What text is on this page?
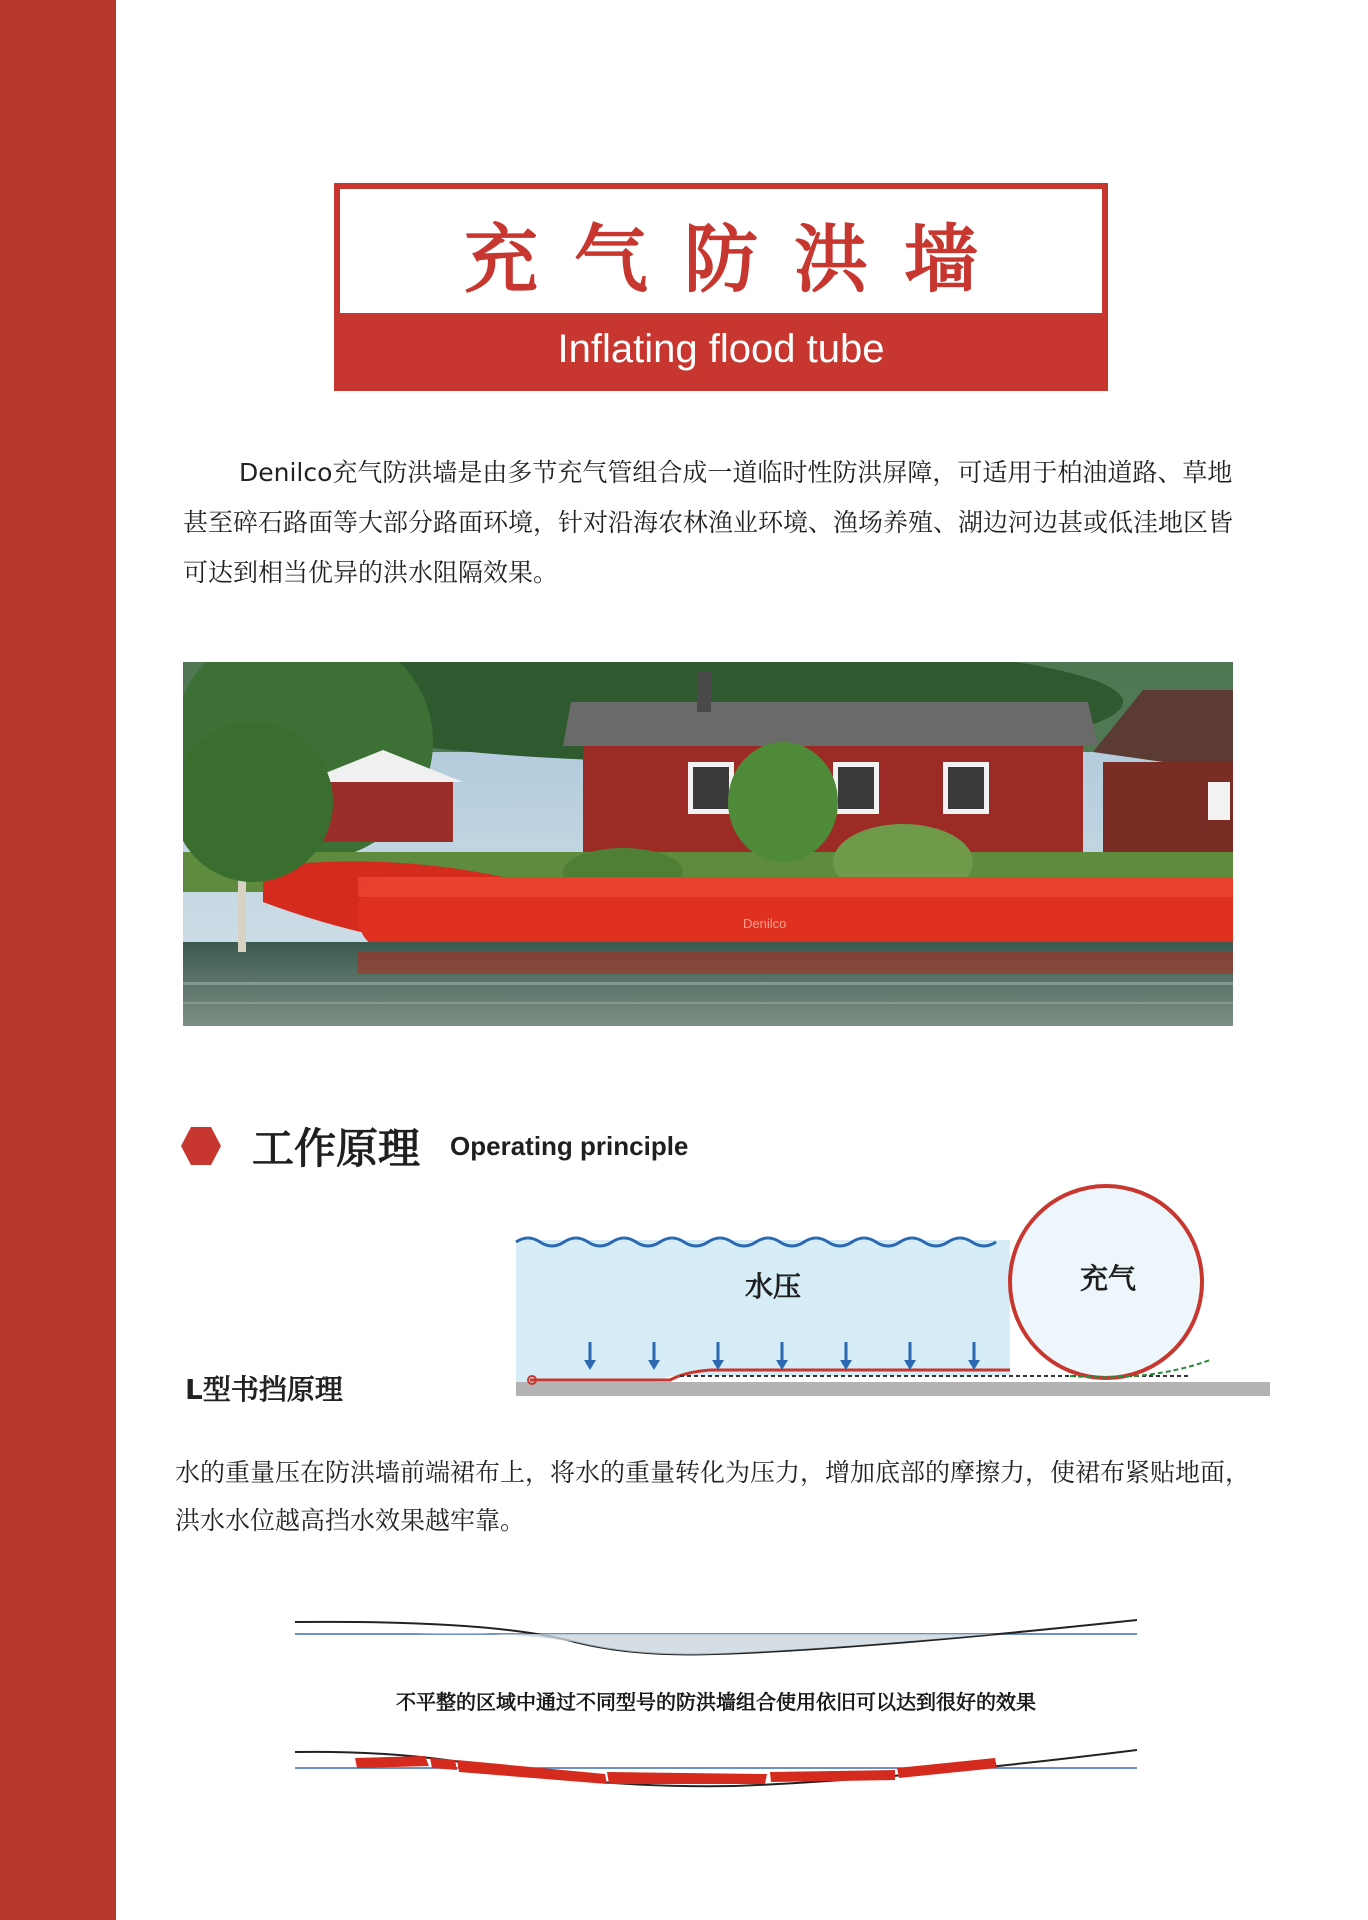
充气防洪墙
Inflating flood tube

Denilco充气防洪墙是由多节充气管组合成一道临时性防洪屏障，可适用于柏油道路、草地甚至碎石路面等大部分路面环境，针对沿海农林渔业环境、渔场养殖、湖边河边甚或低洼地区皆可达到相当优异的洪水阻隔效果。

Denilco
工作原理 Operating principle
水压	充气
L型书挡原理

水的重量压在防洪墙前端裙布上，将水的重量转化为压力，增加底部的摩擦力，使裙布紧贴地面，洪水水位越高挡水效果越牢靠。

不平整的区域中通过不同型号的防洪墙组合使用依旧可以达到很好的效果
